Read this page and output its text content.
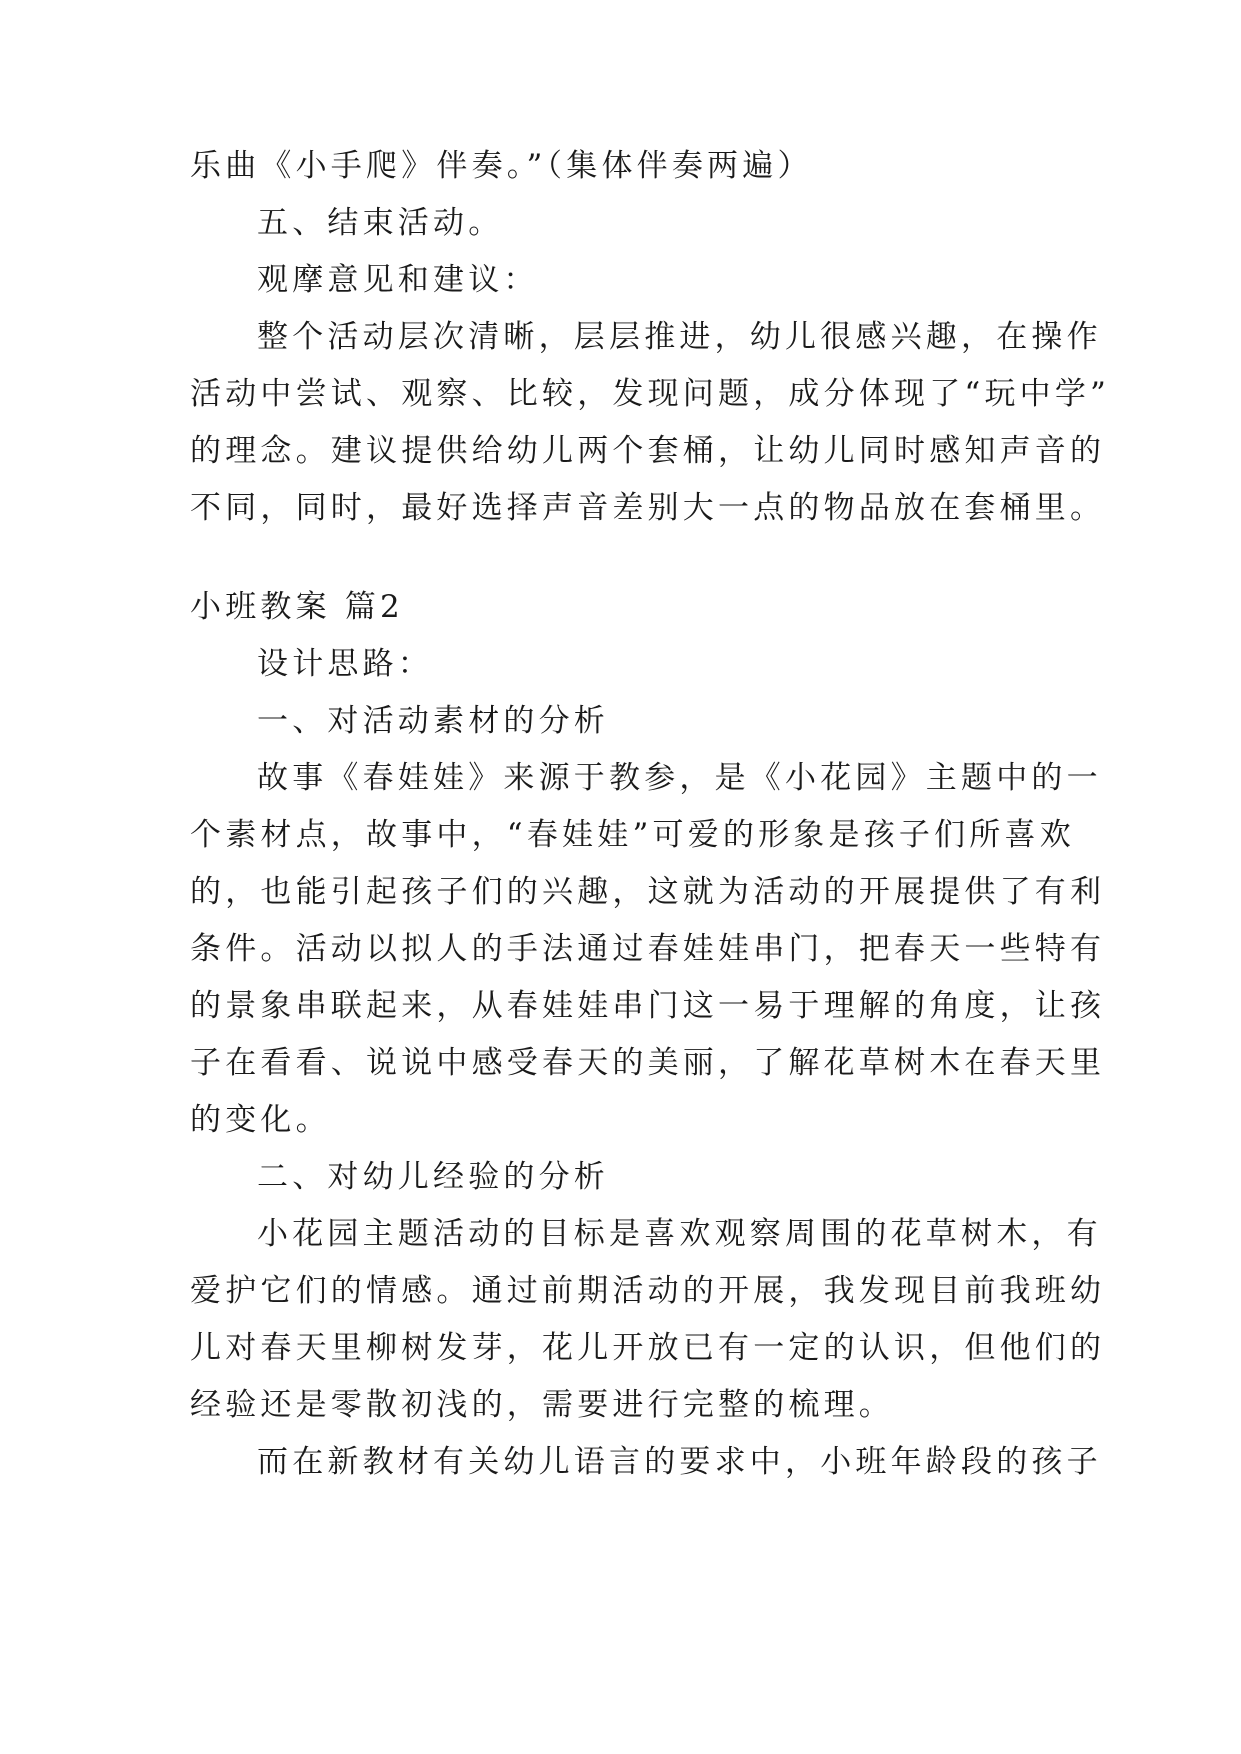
乐曲《小手爬》伴奏。”（集体伴奏两遍）
五、结束活动。
观摩意见和建议：
整个活动层次清晰，层层推进，幼儿很感兴趣，在操作
活动中尝试、观察、比较，发现问题，成分体现了“玩中学”
的理念。建议提供给幼儿两个套桶，让幼儿同时感知声音的
不同，同时，最好选择声音差别大一点的物品放在套桶里。
小班教案 篇2
设计思路：
一、对活动素材的分析
故事《春娃娃》来源于教参，是《小花园》主题中的一
个素材点，故事中，“春娃娃”可爱的形象是孩子们所喜欢
的，也能引起孩子们的兴趣，这就为活动的开展提供了有利
条件。活动以拟人的手法通过春娃娃串门，把春天一些特有
的景象串联起来，从春娃娃串门这一易于理解的角度，让孩
子在看看、说说中感受春天的美丽，了解花草树木在春天里
的变化。
二、对幼儿经验的分析
小花园主题活动的目标是喜欢观察周围的花草树木，有
爱护它们的情感。通过前期活动的开展，我发现目前我班幼
儿对春天里柳树发芽，花儿开放已有一定的认识，但他们的
经验还是零散初浅的，需要进行完整的梳理。
而在新教材有关幼儿语言的要求中，小班年龄段的孩子
